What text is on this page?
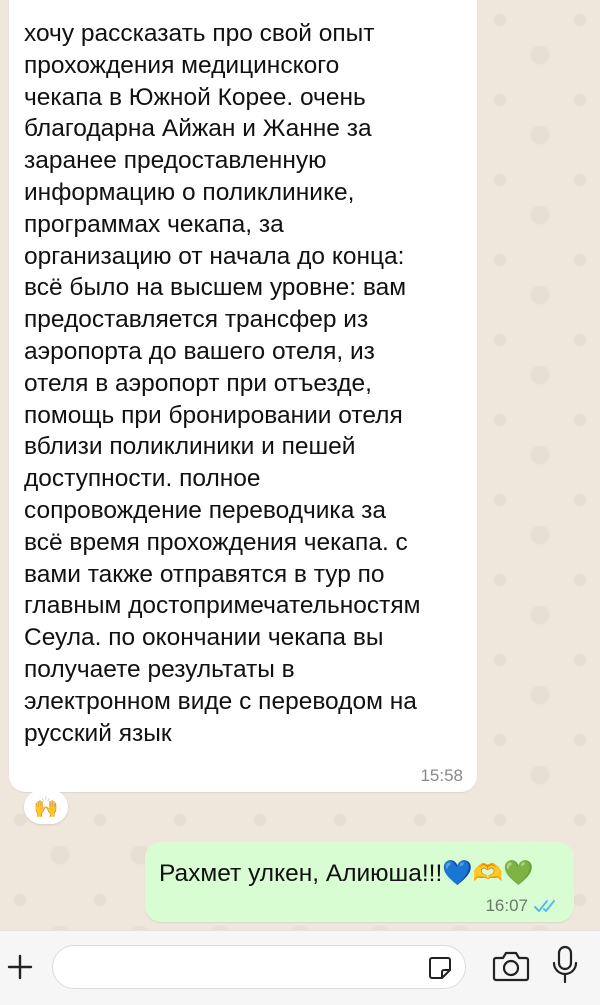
хочу рассказать про свой опыт
прохождения медицинского
чекапа в Южной Корее. очень
благодарна Айжан и Жанне за
заранее предоставленную
информацию о поликлинике,
программах чекапа, за
организацию от начала до конца:
всё было на высшем уровне: вам
предоставляется трансфер из
аэропорта до вашего отеля, из
отеля в аэропорт при отъезде,
помощь при бронировании отеля
вблизи поликлиники и пешей
доступности. полное
сопровождение переводчика за
всё время прохождения чекапа. с
вами также отправятся в тур по
главным достопримечательностям
Сеула. по окончании чекапа вы
получаете результаты в
электронном виде с переводом на
русский язык

15:58
🙌
Рахмет улкен, Алиюша!!!💙🫶💚
16:07
